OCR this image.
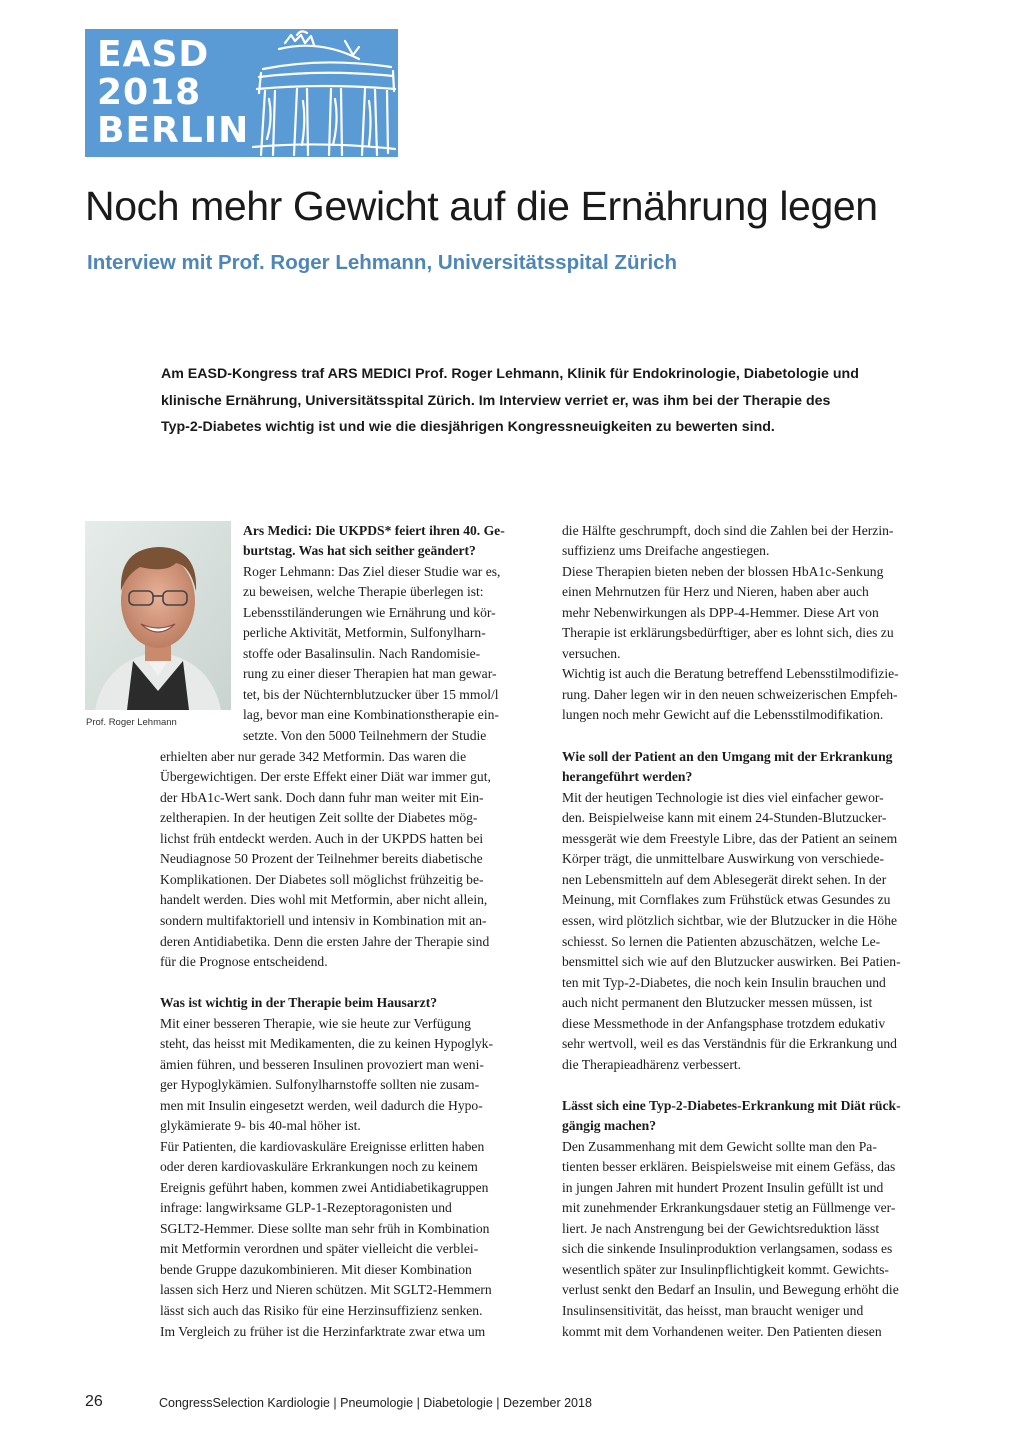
EASD
2018
BERLIN
Noch mehr Gewicht auf die Ernährung legen
Interview mit Prof. Roger Lehmann, Universitätsspital Zürich
Am EASD-Kongress traf ARS MEDICI Prof. Roger Lehmann, Klinik für Endokrinologie, Diabetologie und
klinische Ernährung, Universitätsspital Zürich. Im Interview verriet er, was ihm bei der Therapie des
Typ-2-Diabetes wichtig ist und wie die diesjährigen Kongressneuigkeiten zu bewerten sind.
Prof. Roger Lehmann
Ars Medici: Die UKPDS* feiert ihren 40. Ge-
burtstag. Was hat sich seither geändert?
Roger Lehmann: Das Ziel dieser Studie war es,
zu beweisen, welche Therapie überlegen ist:
Lebensstiländerungen wie Ernährung und kör-
perliche Aktivität, Metformin, Sulfonylharn-
stoffe oder Basalinsulin. Nach Randomisie-
rung zu einer dieser Therapien hat man gewar-
tet, bis der Nüchternblutzucker über 15 mmol/l
lag, bevor man eine Kombinationstherapie ein-
setzte. Von den 5000 Teilnehmern der Studie
erhielten aber nur gerade 342 Metformin. Das waren die
Übergewichtigen. Der erste Effekt einer Diät war immer gut,
der HbA1c-Wert sank. Doch dann fuhr man weiter mit Ein-
zeltherapien. In der heutigen Zeit sollte der Diabetes mög-
lichst früh entdeckt werden. Auch in der UKPDS hatten bei
Neudiagnose 50 Prozent der Teilnehmer bereits diabetische
Komplikationen. Der Diabetes soll möglichst frühzeitig be-
handelt werden. Dies wohl mit Metformin, aber nicht allein,
sondern multifaktoriell und intensiv in Kombination mit an-
deren Antidiabetika. Denn die ersten Jahre der Therapie sind
für die Prognose entscheidend.
Was ist wichtig in der Therapie beim Hausarzt?
Mit einer besseren Therapie, wie sie heute zur Verfügung
steht, das heisst mit Medikamenten, die zu keinen Hypoglyk-
ämien führen, und besseren Insulinen provoziert man weni-
ger Hypoglykämien. Sulfonylharnstoffe sollten nie zusam-
men mit Insulin eingesetzt werden, weil dadurch die Hypo-
glykämierate 9- bis 40-mal höher ist.
Für Patienten, die kardiovaskuläre Ereignisse erlitten haben
oder deren kardiovaskuläre Erkrankungen noch zu keinem
Ereignis geführt haben, kommen zwei Antidiabetikagruppen
infrage: langwirksame GLP-1-Rezeptoragonisten und
SGLT2-Hemmer. Diese sollte man sehr früh in Kombination
mit Metformin verordnen und später vielleicht die verblei-
bende Gruppe dazukombinieren. Mit dieser Kombination
lassen sich Herz und Nieren schützen. Mit SGLT2-Hemmern
lässt sich auch das Risiko für eine Herzinsuffizienz senken.
Im Vergleich zu früher ist die Herzinfarktrate zwar etwa um
die Hälfte geschrumpft, doch sind die Zahlen bei der Herzin-
suffizienz ums Dreifache angestiegen.
Diese Therapien bieten neben der blossen HbA1c-Senkung
einen Mehrnutzen für Herz und Nieren, haben aber auch
mehr Nebenwirkungen als DPP-4-Hemmer. Diese Art von
Therapie ist erklärungsbedürftiger, aber es lohnt sich, dies zu
versuchen.
Wichtig ist auch die Beratung betreffend Lebensstilmodifizie-
rung. Daher legen wir in den neuen schweizerischen Empfeh-
lungen noch mehr Gewicht auf die Lebensstilmodifikation.
Wie soll der Patient an den Umgang mit der Erkrankung
herangeführt werden?
Mit der heutigen Technologie ist dies viel einfacher gewor-
den. Beispielweise kann mit einem 24-Stunden-Blutzucker-
messgerät wie dem Freestyle Libre, das der Patient an seinem
Körper trägt, die unmittelbare Auswirkung von verschiede-
nen Lebensmitteln auf dem Ablesegerät direkt sehen. In der
Meinung, mit Cornflakes zum Frühstück etwas Gesundes zu
essen, wird plötzlich sichtbar, wie der Blutzucker in die Höhe
schiesst. So lernen die Patienten abzuschätzen, welche Le-
bensmittel sich wie auf den Blutzucker auswirken. Bei Patien-
ten mit Typ-2-Diabetes, die noch kein Insulin brauchen und
auch nicht permanent den Blutzucker messen müssen, ist
diese Messmethode in der Anfangsphase trotzdem edukativ
sehr wertvoll, weil es das Verständnis für die Erkrankung und
die Therapieadhärenz verbessert.
Lässt sich eine Typ-2-Diabetes-Erkrankung mit Diät rück-
gängig machen?
Den Zusammenhang mit dem Gewicht sollte man den Pa-
tienten besser erklären. Beispielsweise mit einem Gefäss, das
in jungen Jahren mit hundert Prozent Insulin gefüllt ist und
mit zunehmender Erkrankungsdauer stetig an Füllmenge ver-
liert. Je nach Anstrengung bei der Gewichtsreduktion lässt
sich die sinkende Insulinproduktion verlangsamen, sodass es
wesentlich später zur Insulinpflichtigkeit kommt. Gewichts-
verlust senkt den Bedarf an Insulin, und Bewegung erhöht die
Insulinsensitivität, das heisst, man braucht weniger und
kommt mit dem Vorhandenen weiter. Den Patienten diesen
26	CongressSelection Kardiologie | Pneumologie | Diabetologie | Dezember 2018
